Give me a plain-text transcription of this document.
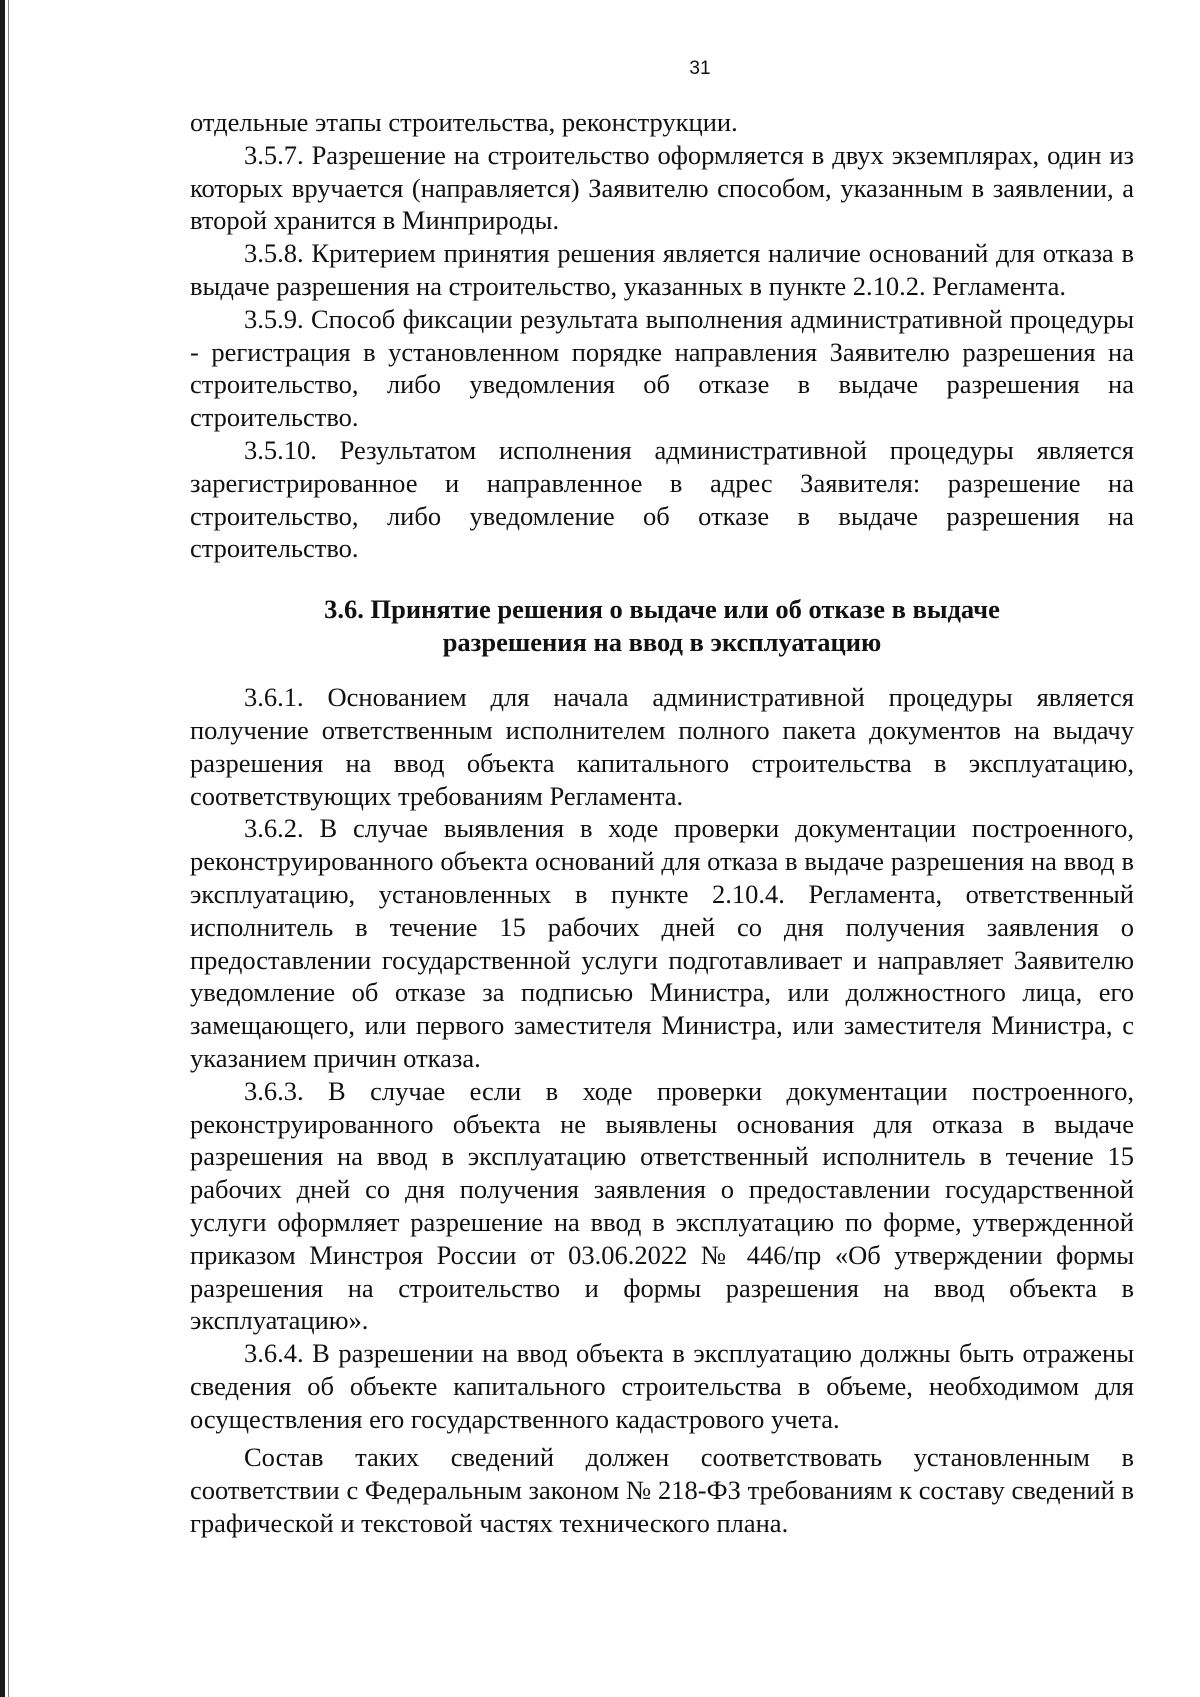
31

отдельные этапы строительства, реконструкции.

3.5.7. Разрешение на строительство оформляется в двух экземплярах, один из которых вручается (направляется) Заявителю способом, указанным в заявлении, а второй хранится в Минприроды.

3.5.8. Критерием принятия решения является наличие оснований для отказа в выдаче разрешения на строительство, указанных в пункте 2.10.2. Регламента.

3.5.9. Способ фиксации результата выполнения административной процедуры - регистрация в установленном порядке направления Заявителю разрешения на строительство, либо уведомления об отказе в выдаче разрешения на строительство.

3.5.10. Результатом исполнения административной процедуры является зарегистрированное и направленное в адрес Заявителя: разрешение на строительство, либо уведомление об отказе в выдаче разрешения на строительство.

3.6. Принятие решения о выдаче или об отказе в выдаче
разрешения на ввод в эксплуатацию

3.6.1. Основанием для начала административной процедуры является получение ответственным исполнителем полного пакета документов на выдачу разрешения на ввод объекта капитального строительства в эксплуатацию, соответствующих требованиям Регламента.

3.6.2. В случае выявления в ходе проверки документации построенного, реконструированного объекта оснований для отказа в выдаче разрешения на ввод в эксплуатацию, установленных в пункте 2.10.4. Регламента, ответственный исполнитель в течение 15 рабочих дней со дня получения заявления о предоставлении государственной услуги подготавливает и направляет Заявителю уведомление об отказе за подписью Министра, или должностного лица, его замещающего, или первого заместителя Министра, или заместителя Министра, с указанием причин отказа.

3.6.3. В случае если в ходе проверки документации построенного, реконструированного объекта не выявлены основания для отказа в выдаче разрешения на ввод в эксплуатацию ответственный исполнитель в течение 15 рабочих дней со дня получения заявления о предоставлении государственной услуги оформляет разрешение на ввод в эксплуатацию по форме, утвержденной приказом Минстроя России от 03.06.2022 № 446/пр «Об утверждении формы разрешения на строительство и формы разрешения на ввод объекта в эксплуатацию».

3.6.4. В разрешении на ввод объекта в эксплуатацию должны быть отражены сведения об объекте капитального строительства в объеме, необходимом для осуществления его государственного кадастрового учета.

Состав таких сведений должен соответствовать установленным в соответствии с Федеральным законом № 218-ФЗ требованиям к составу сведений в графической и текстовой частях технического плана.
